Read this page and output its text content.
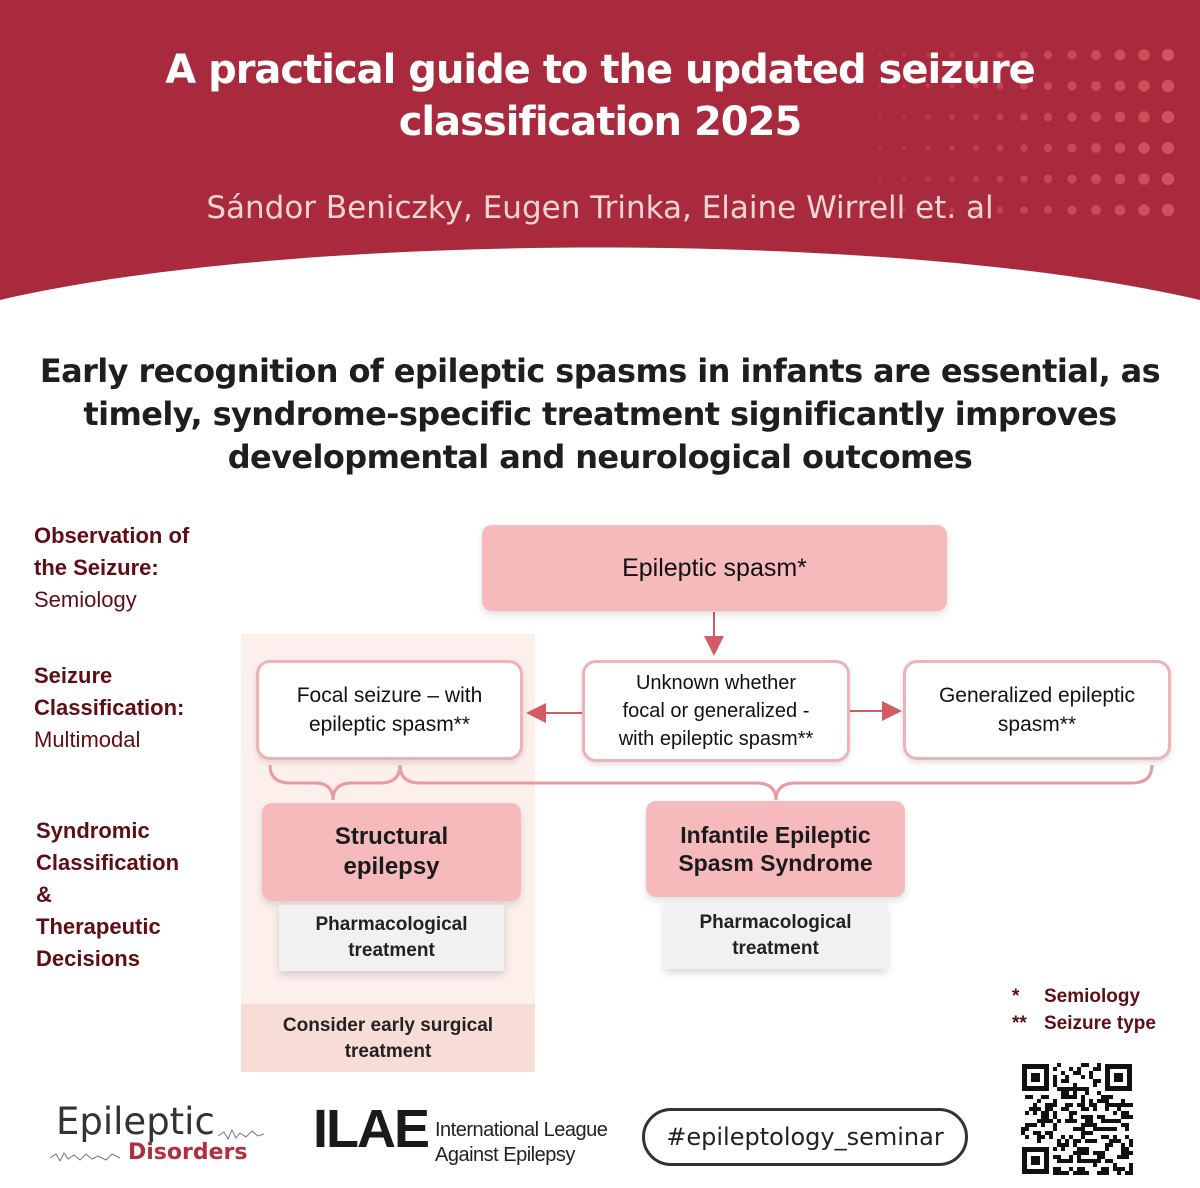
A practical guide to the updated seizure
classification 2025
Sándor Beniczky, Eugen Trinka, Elaine Wirrell et. al
Early recognition of epileptic spasms in infants are essential, as
timely, syndrome-specific treatment significantly improves
developmental and neurological outcomes
Observation of
the Seizure:
Semiology
Seizure
Classification:
Multimodal
Syndromic
Classification
&
Therapeutic
Decisions
Epileptic spasm*
Focal seizure – with
epileptic spasm**
Unknown whether
focal or generalized -
with epileptic spasm**
Generalized epileptic
spasm**
Structural
epilepsy
Infantile Epileptic
Spasm Syndrome
Pharmacological
treatment
Pharmacological
treatment
Consider early surgical
treatment
*	Semiology
** Seizure type
Epileptic
Disorders ILAE International League
Against Epilepsy
#epileptology_seminar
